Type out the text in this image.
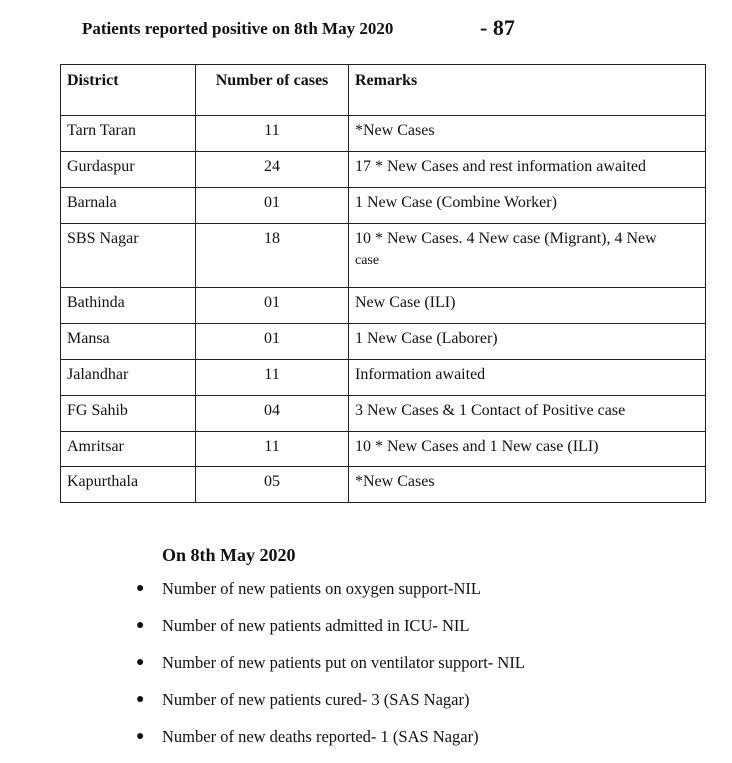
Patients reported positive on 8th May 2020	- 87
District	Number of cases	Remarks
Tarn Taran	11	*New Cases
Gurdaspur	24	17 * New Cases and rest information awaited
Barnala	01	1 New Case (Combine Worker)
SBS Nagar	18	10 * New Cases. 4 New case (Migrant), 4 New
case

Bathinda	01	New Case (ILI)
Mansa	01	1 New Case (Laborer)
Jalandhar	11	Information awaited
FG Sahib	04	3 New Cases & 1 Contact of Positive case
Amritsar	11	10 * New Cases and 1 New case (ILI)
Kapurthala	05	*New Cases
On 8th May 2020
● Number of new patients on oxygen support-NIL
● Number of new patients admitted in ICU- NIL
● Number of new patients put on ventilator support- NIL
● Number of new patients cured- 3 (SAS Nagar)
● Number of new deaths reported- 1 (SAS Nagar)
